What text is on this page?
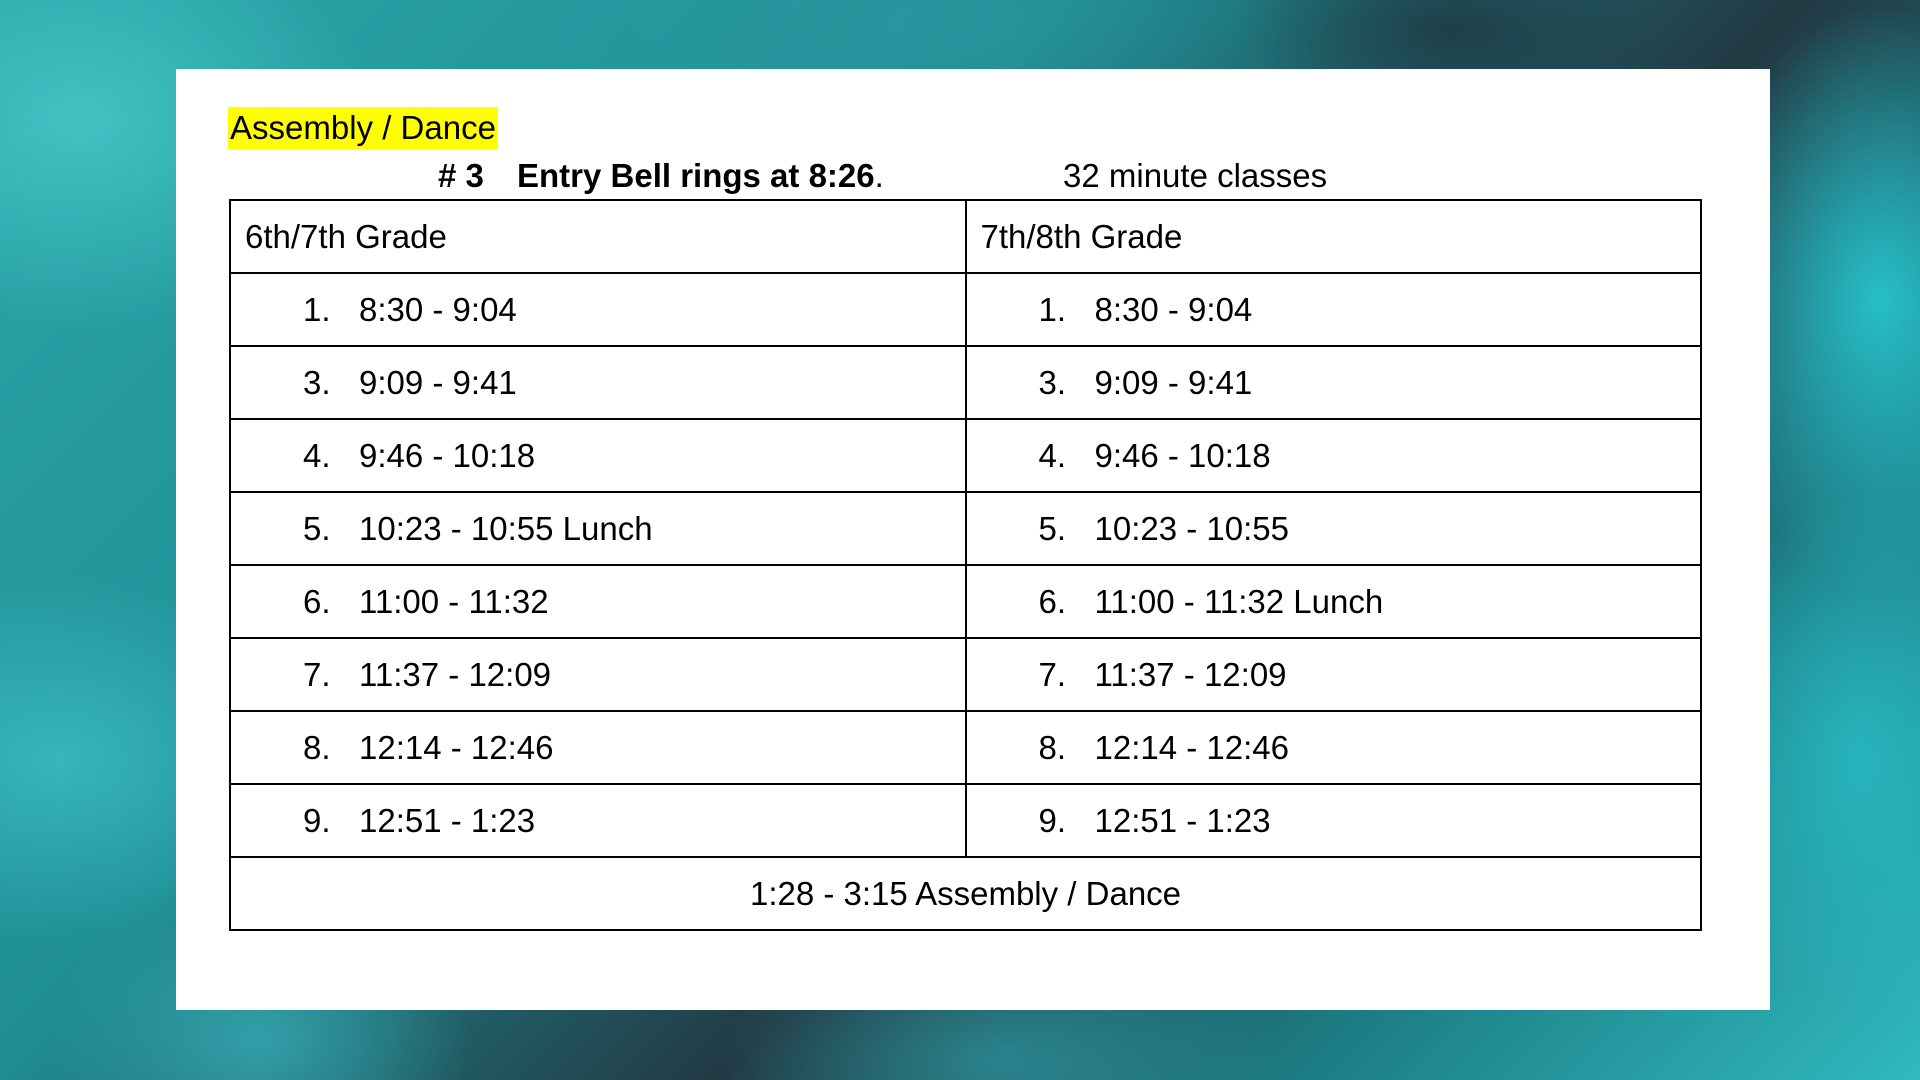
Assembly / Dance
# 3 Entry Bell rings at 8:26.	32 minute classes
6th/7th Grade	7th/8th Grade

1. 8:30 - 9:04	1. 8:30 - 9:04

3. 9:09 - 9:41	3. 9:09 - 9:41

4. 9:46 - 10:18	4. 9:46 - 10:18

5. 10:23 - 10:55 Lunch	5. 10:23 - 10:55

6. 11:00 - 11:32	6. 11:00 - 11:32 Lunch

7. 11:37 - 12:09	7. 11:37 - 12:09

8. 12:14 - 12:46	8. 12:14 - 12:46

9. 12:51 - 1:23	9. 12:51 - 1:23

1:28 - 3:15 Assembly / Dance	
